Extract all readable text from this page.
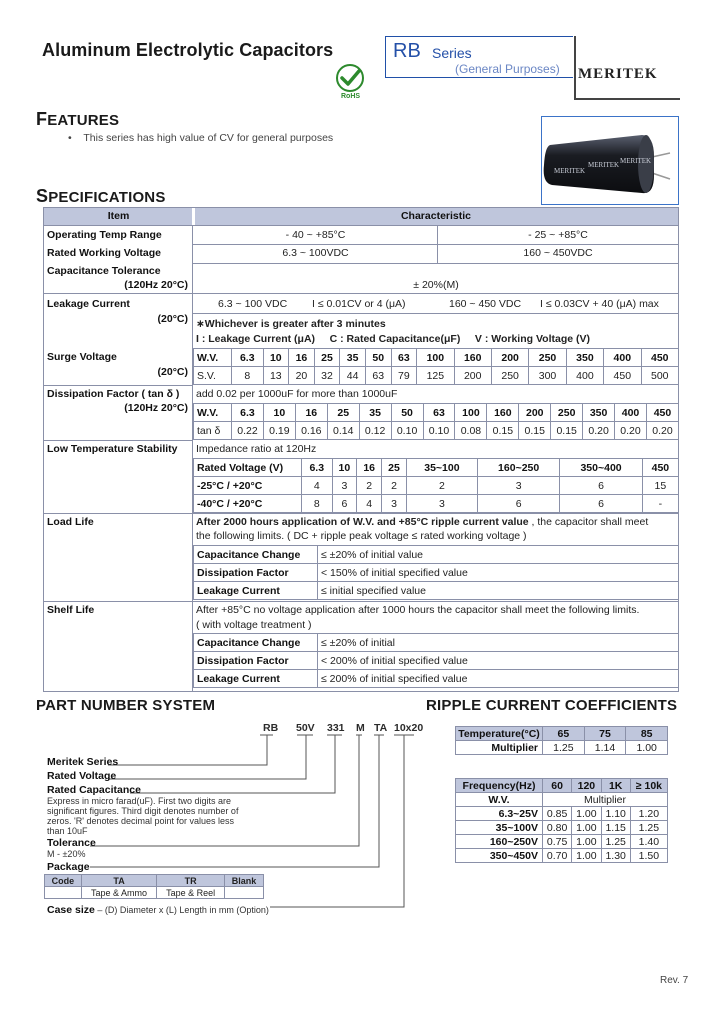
Aluminum Electrolytic Capacitors
RoHS
RB Series
(General Purposes) MERITEK
FEATURES
•    This series has high value of CV for general purposes
MERITEK
MERITEK MERITEK
SPECIFICATIONS
Item	Characteristic
Operating Temp Range	- 40 ~ +85°C	- 25 ~ +85°C
Rated Working Voltage	6.3 ~ 100VDC	160 ~ 450VDC
Capacitance Tolerance
(120Hz 20°C)	± 20%(M)
Leakage Current
(20°C)
6.3 ~ 100 VDC I ≤ 0.01CV or 4 (μA)	160 ~ 450 VDC I ≤ 0.03CV + 40 (μA) max
∗Whichever is greater after 3 minutes
I : Leakage Current (μA)     C : Rated Capacitance(μF)     V : Working Voltage (V)
Surge Voltage
(20°C)
W.V.	6.3	10	16	25	35	50	63	100	160	200	250	350	400	450
S.V.	8	13	20	32	44	63	79	125	200	250	300	400	450	500
Dissipation Factor ( tan δ )
(120Hz 20°C)
add 0.02 per 1000uF for more than 1000uF
W.V.	6.3	10	16	25	35	50	63	100	160	200	250	350	400	450
tan δ	0.22	0.19	0.16	0.14	0.12	0.10	0.10	0.08	0.15	0.15	0.15	0.20	0.20	0.20
Low Temperature Stability Impedance ratio at 120Hz
Rated Voltage (V)	6.3	10	16	25	35~100	160~250	350~400	450
-25°C / +20°C	4	3	2	2	2	3	6	15
-40°C / +20°C	8	6	4	3	3	6	6	-
Load Life	After 2000 hours application of W.V. and +85°C ripple current value , the capacitor shall meet
the following limits. ( DC + ripple peak voltage ≤ rated working voltage )
Capacitance Change	≤ ±20% of initial value
Dissipation Factor	< 150% of initial specified value
Leakage Current	≤ initial specified value
Shelf Life	After +85°C no voltage application after 1000 hours the capacitor shall meet the following limits.
( with voltage treatment )
Capacitance Change	≤ ±20% of initial
Dissipation Factor	< 200% of initial specified value
Leakage Current	≤ 200% of initial specified value
PART NUMBER SYSTEM
RB 50V 331 M TA 10x20
Meritek Series
Rated Voltage
Rated Capacitance
Express in micro farad(uF). First two digits are
significant figures. Third digit denotes number of
zeros. 'R' denotes decimal point for values less
than 10uF
Tolerance
M - ±20%
Package
Code	TA	TR	Blank
	Tape & Ammo	Tape & Reel	
Case size – (D) Diameter x (L) Length in mm (Option)
RIPPLE CURRENT COEFFICIENTS
Temperature(°C)	65	75	85
Multiplier	1.25	1.14	1.00
Frequency(Hz)	60	120	1K	≥ 10k
W.V.	Multiplier			
6.3~25V	0.85	1.00	1.10	1.20
35~100V	0.80	1.00	1.15	1.25
160~250V	0.75	1.00	1.25	1.40
350~450V	0.70	1.00	1.30	1.50
Rev. 7
